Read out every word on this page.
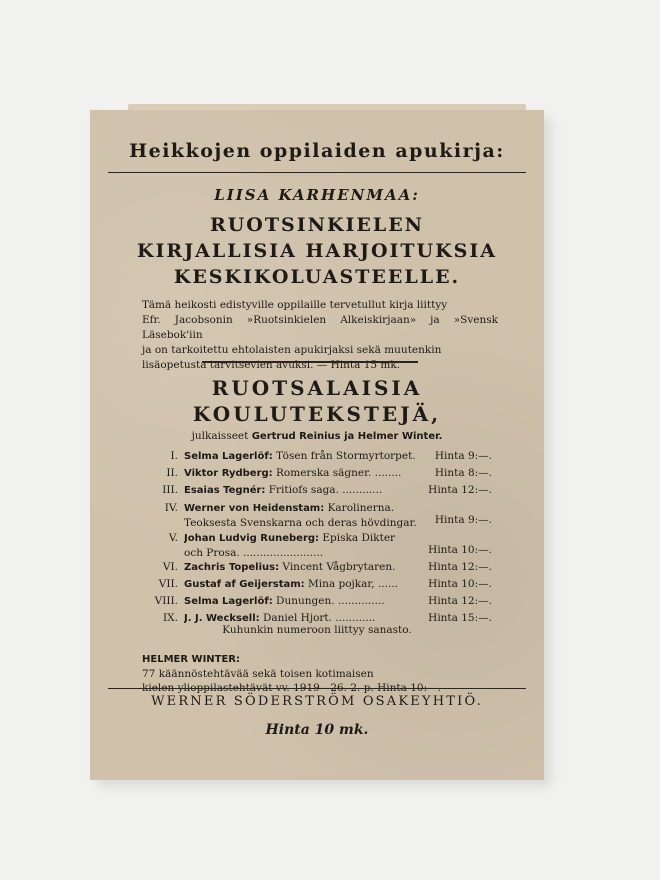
Heikkojen oppilaiden apukirja:
LIISA KARHENMAA:
RUOTSINKIELEN
KIRJALLISIA HARJOITUKSIA
KESKIKOLUASTEELLE.
Tämä heikosti edistyville oppilaille tervetullut kirja liittyy
Efr. Jacobsonin »Ruotsinkielen Alkeiskirjaan» ja »Svensk Läsebok'iin
ja on tarkoitettu ehtolaisten apukirjaksi sekä muutenkin
lisäopetusta tarvitsevien avuksi. — Hinta 15 mk.
RUOTSALAISIA
KOULUTEKSTEJÄ,
julkaisseet Gertrud Reinius ja Helmer Winter.
I. Selma Lagerlöf: Tösen från Stormyrtorpet.	Hinta 9:—.
II. Viktor Rydberg: Romerska sägner. ........	Hinta 8:—.
III. Esaias Tegnér: Fritiofs saga. ............	Hinta 12:—.
IV. Werner von Heidenstam: Karolinerna.
Teoksesta Svenskarna och deras hövdingar.	Hinta 9:—.
V. Johan Ludvig Runeberg: Episka Dikter
och Prosa. ........................	Hinta 10:—.
VI. Zachris Topelius: Vincent Vågbrytaren.	Hinta 12:—.
VII. Gustaf af Geijerstam: Mina pojkar, ......	Hinta 10:—.
VIII. Selma Lagerlöf: Dunungen. ..............	Hinta 12:—.
IX. J. J. Wecksell: Daniel Hjort. ............	Hinta 15:—.
Kuhunkin numeroon liittyy sanasto.
HELMER WINTER:
77 käännöstehtävää sekä toisen kotimaisen
kielen ylioppilastehtävät vv. 1919—26. 2. p. Hinta 10:—.
WERNER SÖDERSTRÖM OSAKEYHTIÖ.
Hinta 10 mk.
